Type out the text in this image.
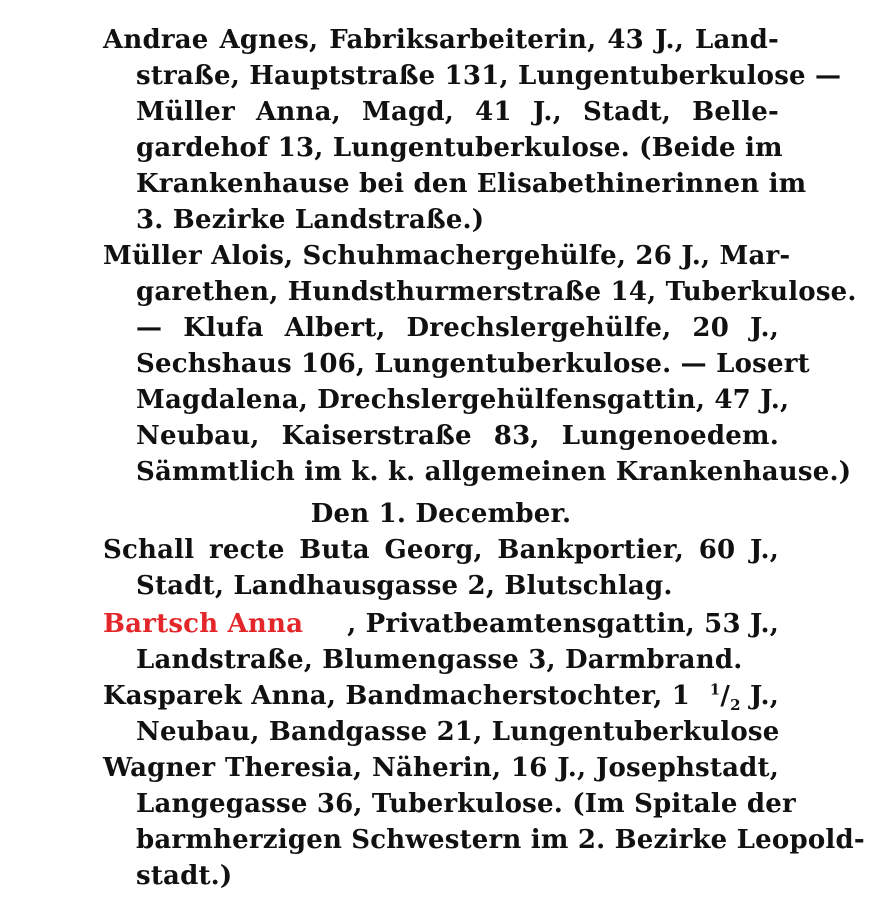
Andrae Agnes, Fabriksarbeiterin, 43 J., Land-
straße, Hauptstraße 131, Lungentuberkulose —
Müller Anna, Magd, 41 J., Stadt, Belle-
gardehof 13, Lungentuberkulose. (Beide im
Krankenhause bei den Elisabethinerinnen im
3. Bezirke Landstraße.)
Müller Alois, Schuhmachergehülfe, 26 J., Mar-
garethen, Hundsthurmerstraße 14, Tuberkulose.
— Klufa Albert, Drechslergehülfe, 20 J.,
Sechshaus 106, Lungentuberkulose. — Losert
Magdalena, Drechslergehülfensgattin, 47 J.,
Neubau, Kaiserstraße 83, Lungenoedem.
Sämmtlich im k. k. allgemeinen Krankenhause.)
Den 1. December.
Schall recte Buta Georg, Bankportier, 60 J.,
Stadt, Landhausgasse 2, Blutschlag.
Bartsch Anna , Privatbeamtensgattin, 53 J.,
Landstraße, Blumengasse 3, Darmbrand.
Kasparek Anna, Bandmacherstochter, 1 $^1/_2$ J.,
Neubau, Bandgasse 21, Lungentuberkulose
Wagner Theresia, Näherin, 16 J., Josephstadt,
Langegasse 36, Tuberkulose. (Im Spitale der
barmherzigen Schwestern im 2. Bezirke Leopold-
stadt.)
